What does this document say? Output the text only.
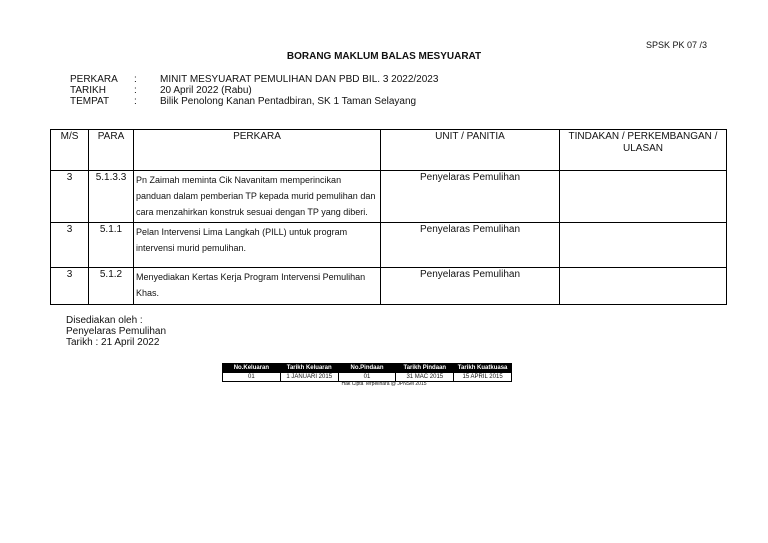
SPSK PK 07 /3
BORANG MAKLUM BALAS MESYUARAT
PERKARA	:	MINIT MESYUARAT PEMULIHAN DAN PBD BIL. 3 2022/2023
TARIKH	:	20 April 2022 (Rabu)
TEMPAT	:	Bilik Penolong Kanan Pentadbiran, SK 1 Taman Selayang
M/S	PARA	PERKARA	UNIT / PANITIA	TINDAKAN / PERKEMBANGAN / ULASAN
3	5.1.3.3	Pn Zaimah meminta Cik Navanitam memperincikan panduan dalam pemberian TP kepada murid pemulihan dan cara menzahirkan konstruk sesuai dengan TP yang diberi.	Penyelaras Pemulihan	
3	5.1.1	Pelan Intervensi Lima Langkah (PILL) untuk program intervensi murid pemulihan.	Penyelaras Pemulihan	
3	5.1.2	Menyediakan Kertas Kerja Program Intervensi Pemulihan Khas.	Penyelaras Pemulihan	
Disediakan oleh :
Penyelaras Pemulihan
Tarikh : 21 April 2022
No.Keluaran	Tarikh Keluaran	No.Pindaan	Tarikh Pindaan	Tarikh Kuatkuasa
01	1 JANUARI 2015	01	31 MAC 2015	15 APRIL 2015
Hak Cipta Terpelihara @ JPNSel 2015
